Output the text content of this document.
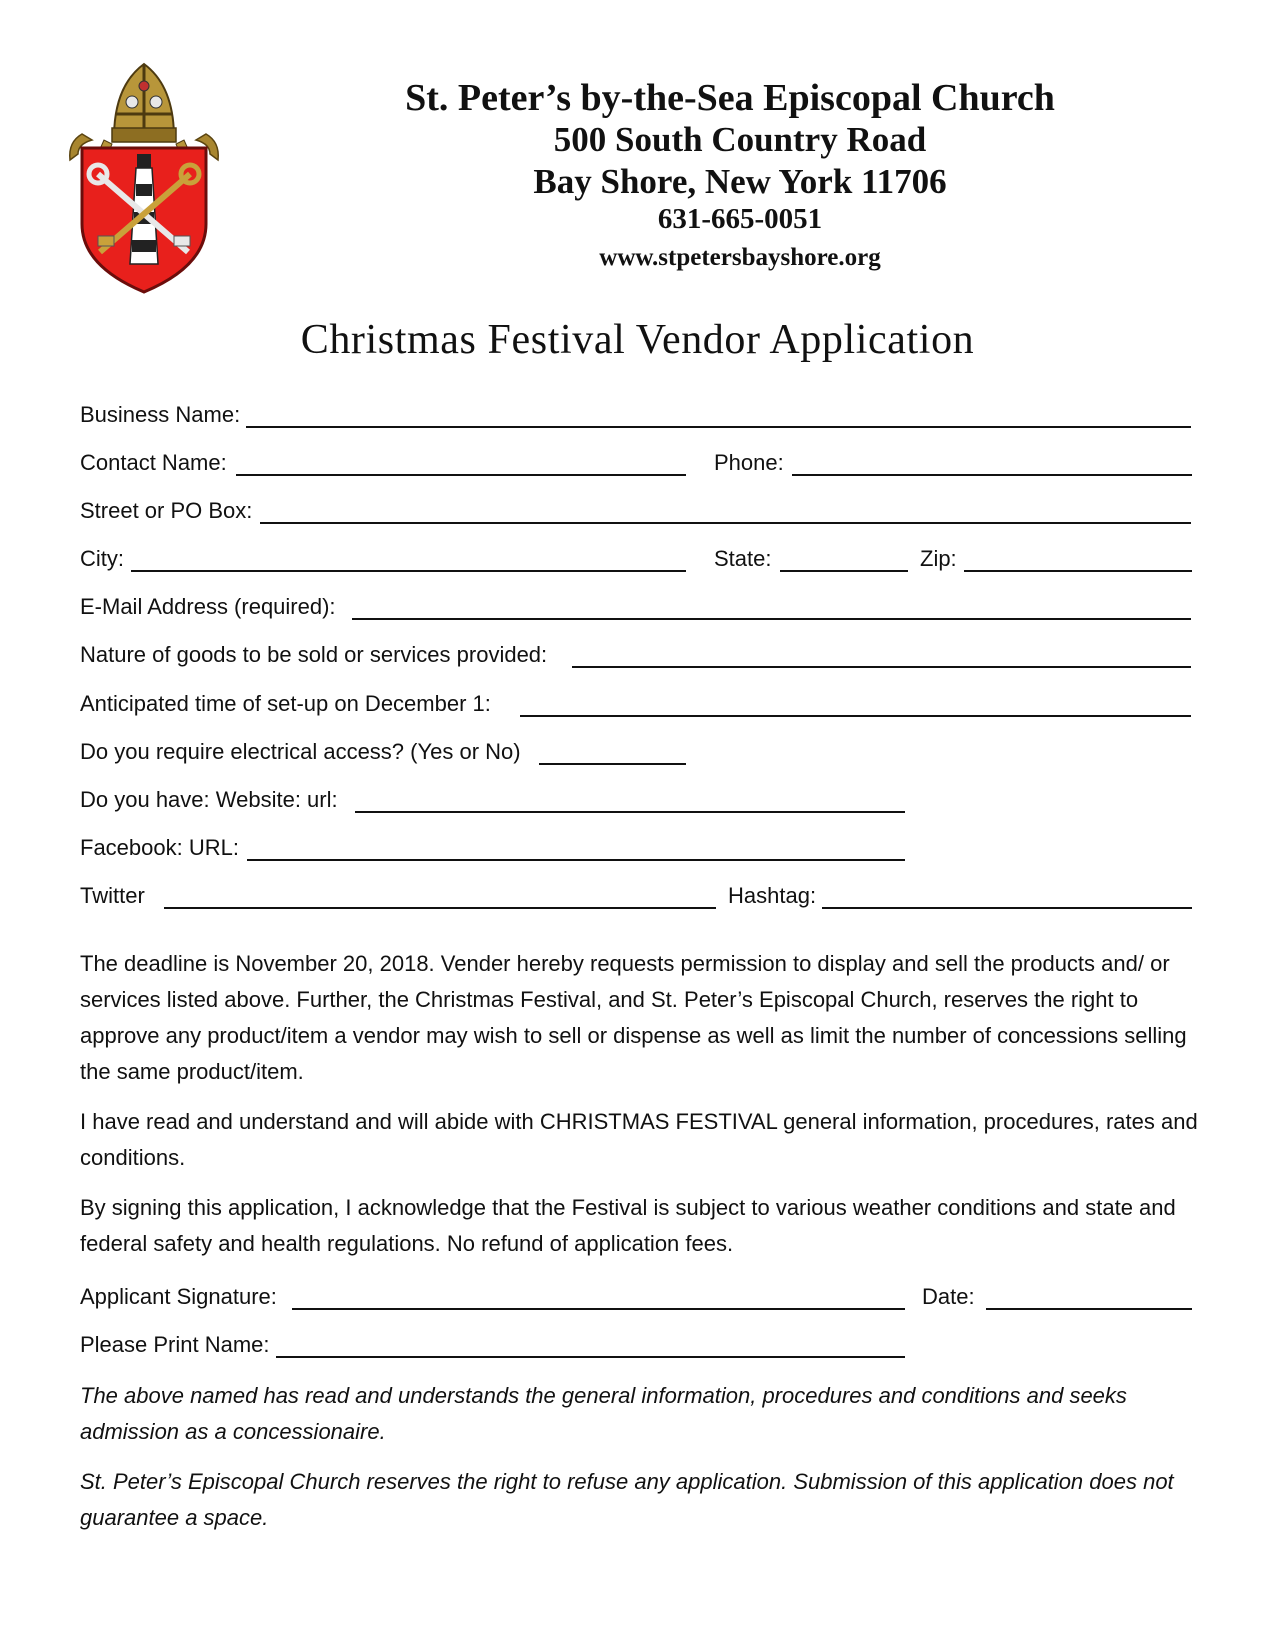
St. Peter’s by-the-Sea Episcopal Church
500 South Country Road
Bay Shore, New York 11706
631-665-0051
www.stpetersbayshore.org
Christmas Festival Vendor Application
Business Name:
Contact Name:	Phone:
Street or PO Box:
City:	State:	Zip:
E-Mail Address (required):
Nature of goods to be sold or services provided:
Anticipated time of set-up on December 1:
Do you require electrical access? (Yes or No)
Do you have: Website: url:
Facebook: URL:
Twitter	Hashtag:

The deadline is November 20, 2018. Vender hereby requests permission to display and sell the products and/ or services listed above. Further, the Christmas Festival, and St. Peter’s Episcopal Church, reserves the right to approve any product/item a vendor may wish to sell or dispense as well as limit the number of concessions selling the same product/item.

I have read and understand and will abide with CHRISTMAS FESTIVAL general information, procedures, rates and conditions.

By signing this application, I acknowledge that the Festival is subject to various weather conditions and state and federal safety and health regulations. No refund of application fees.

Applicant Signature:	Date:
Please Print Name:

The above named has read and understands the general information, procedures and conditions and seeks admission as a concessionaire.

St. Peter’s Episcopal Church reserves the right to refuse any application. Submission of this application does not guarantee a space.
